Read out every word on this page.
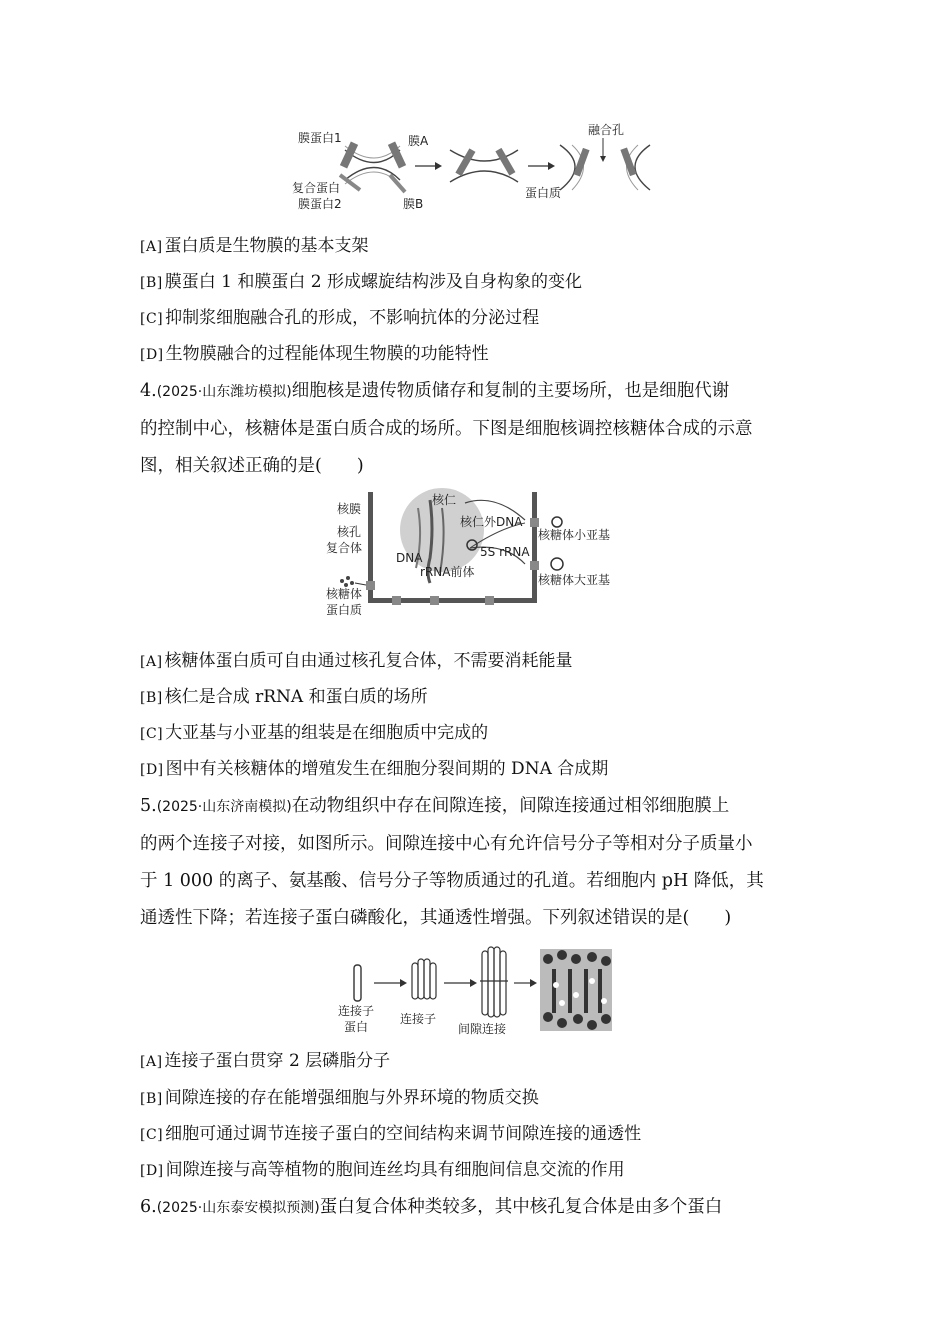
膜蛋白1	膜A
复合蛋白
膜蛋白2	膜B
蛋白质
融合孔
[A] 蛋白质是生物膜的基本支架
[B] 膜蛋白 1 和膜蛋白 2 形成螺旋结构涉及自身构象的变化
[C] 抑制浆细胞融合孔的形成，不影响抗体的分泌过程
[D] 生物膜融合的过程能体现生物膜的功能特性
4.(2025·山东潍坊模拟)细胞核是遗传物质储存和复制的主要场所，也是细胞代谢
的控制中心，核糖体是蛋白质合成的场所。下图是细胞核调控核糖体合成的示意
图，相关叙述正确的是(　　)
核膜
核孔
复合体
核糖体
蛋白质
核仁
核仁外DNA
DNA
rRNA前体
5S rRNA
核糖体小亚基
核糖体大亚基
[A] 核糖体蛋白质可自由通过核孔复合体，不需要消耗能量
[B] 核仁是合成 rRNA 和蛋白质的场所
[C] 大亚基与小亚基的组装是在细胞质中完成的
[D] 图中有关核糖体的增殖发生在细胞分裂间期的 DNA 合成期
5.(2025·山东济南模拟)在动物组织中存在间隙连接，间隙连接通过相邻细胞膜上
的两个连接子对接，如图所示。间隙连接中心有允许信号分子等相对分子质量小
于 1 000 的离子、氨基酸、信号分子等物质通过的孔道。若细胞内 pH 降低，其
通透性下降；若连接子蛋白磷酸化，其通透性增强。下列叙述错误的是(　　)
连接子
蛋白
连接子
间隙连接
[A] 连接子蛋白贯穿 2 层磷脂分子
[B] 间隙连接的存在能增强细胞与外界环境的物质交换
[C] 细胞可通过调节连接子蛋白的空间结构来调节间隙连接的通透性
[D] 间隙连接与高等植物的胞间连丝均具有细胞间信息交流的作用
6.(2025·山东泰安模拟预测)蛋白复合体种类较多，其中核孔复合体是由多个蛋白
